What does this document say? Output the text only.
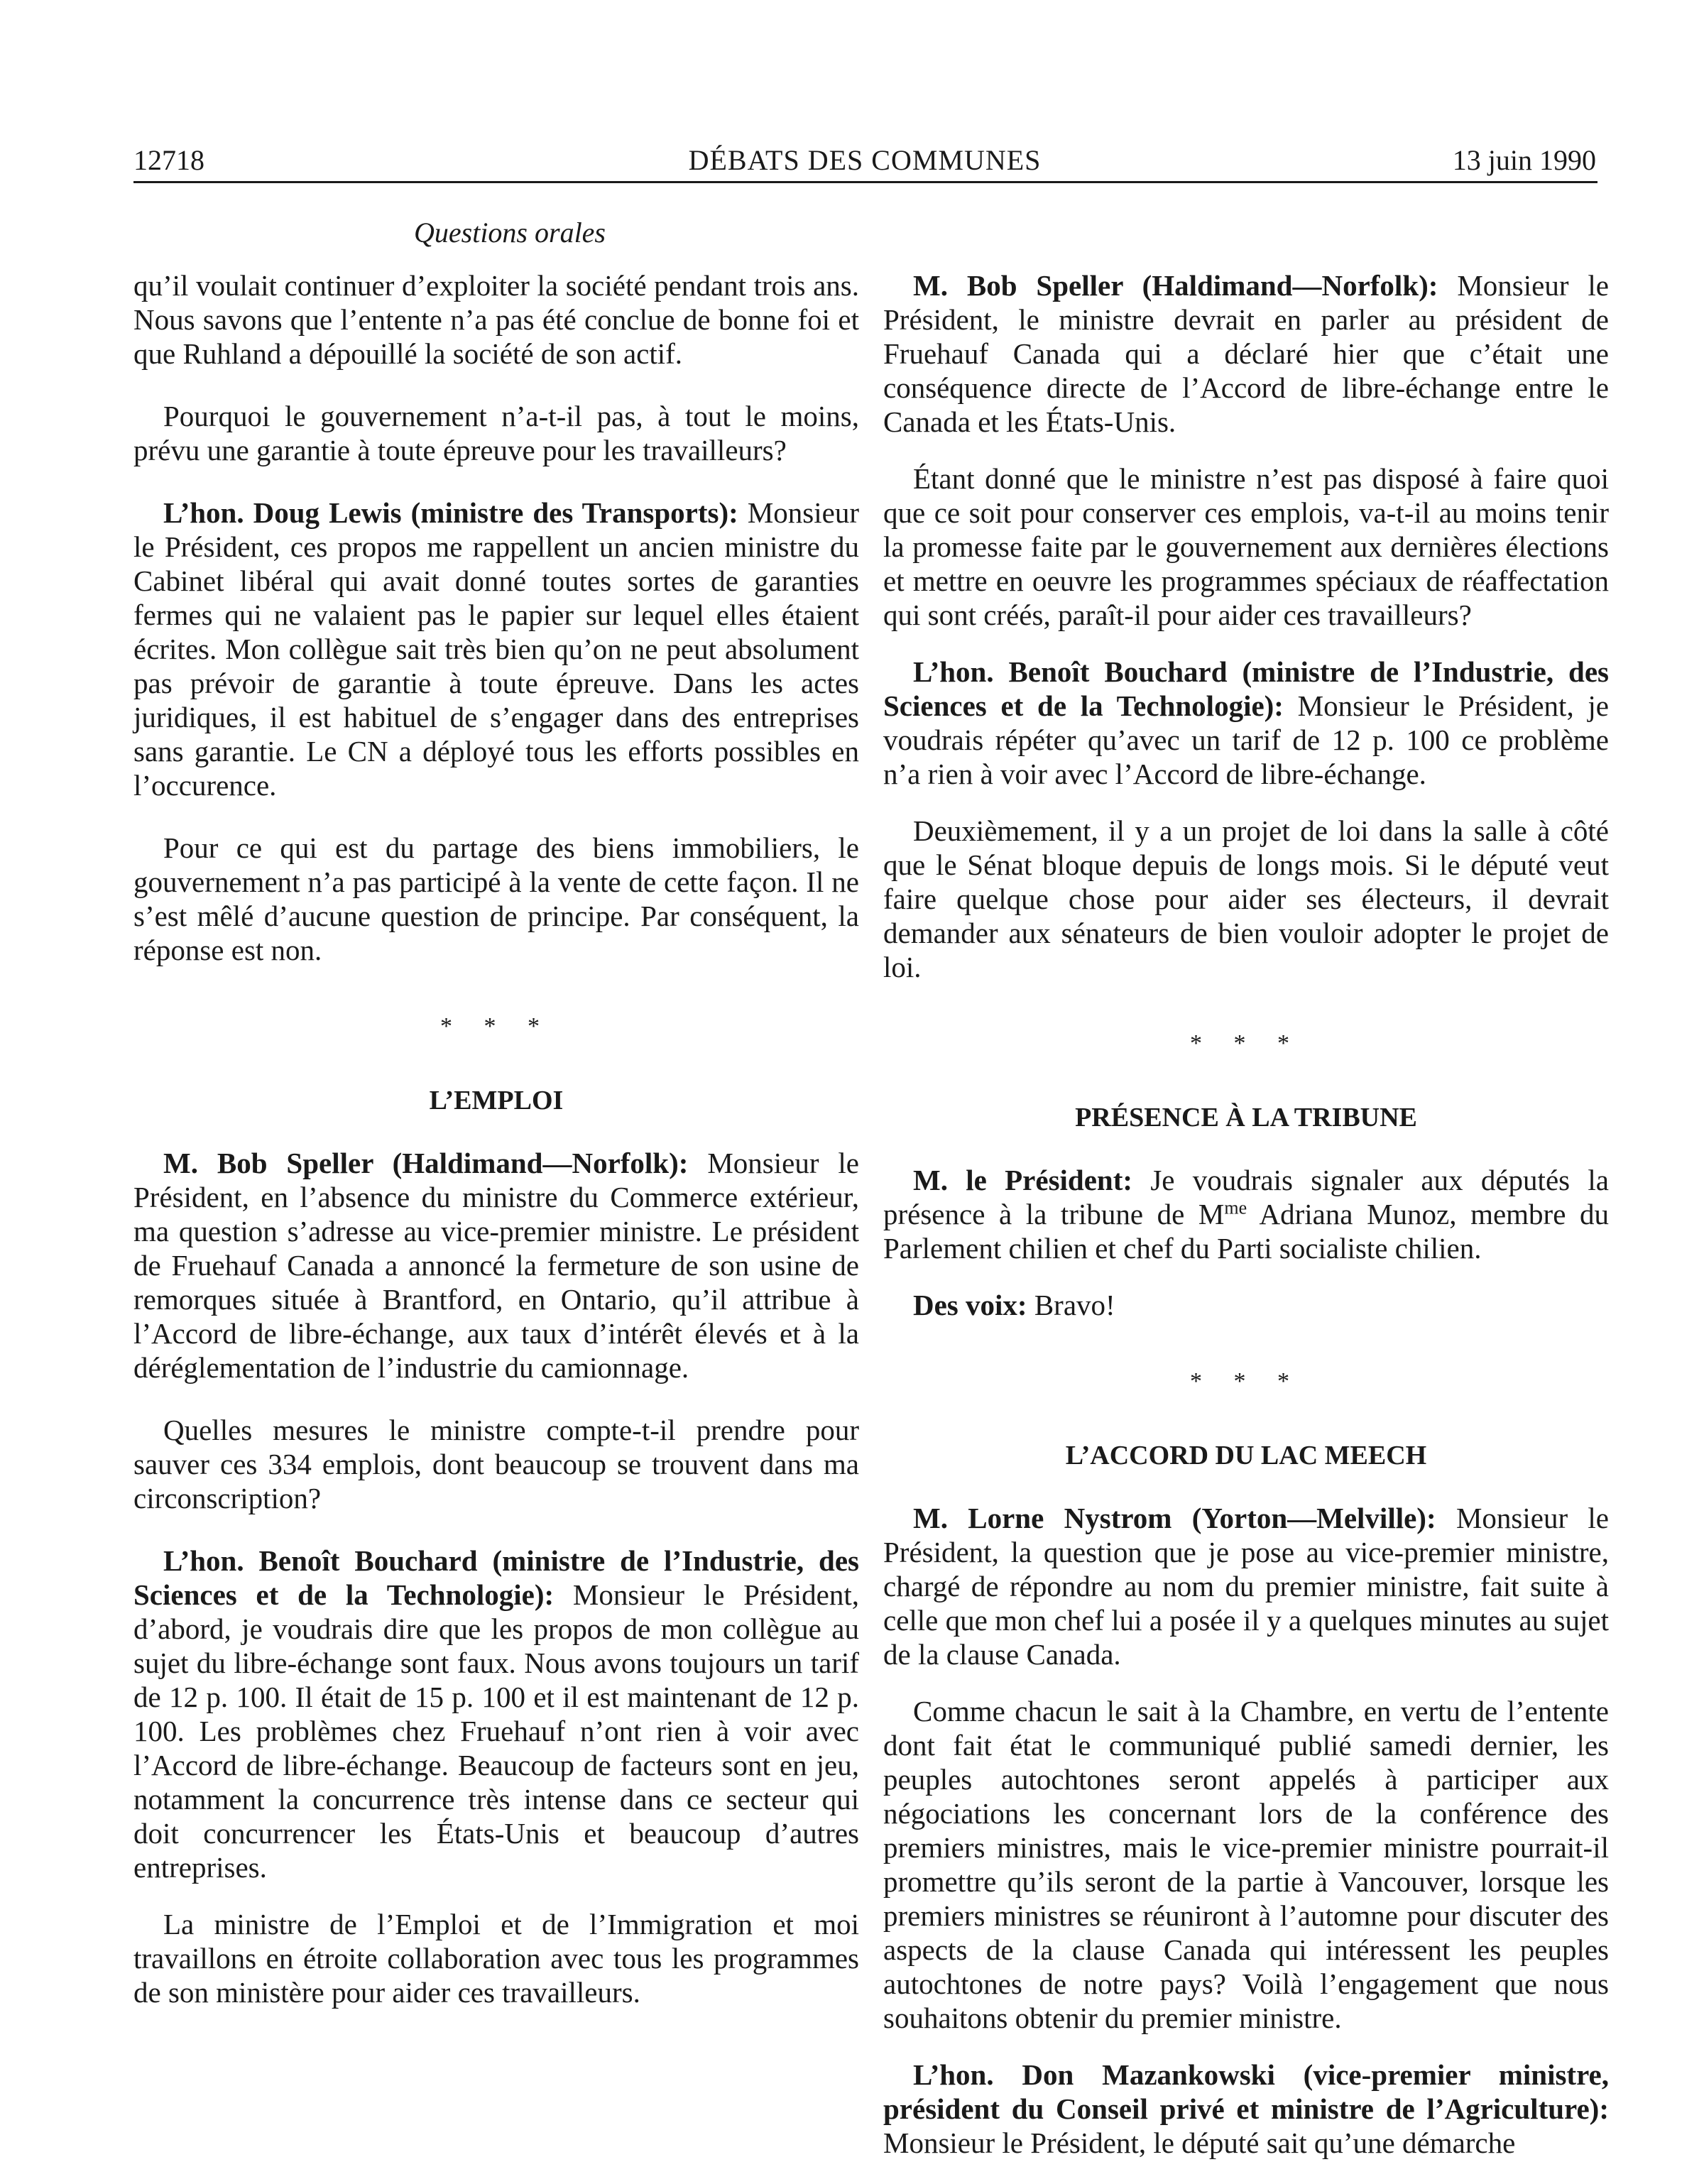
12718	DÉBATS DES COMMUNES	13 juin 1990
Questions orales

qu’il voulait continuer d’exploiter la société pendant trois ans. Nous savons que l’entente n’a pas été conclue de bonne foi et que Ruhland a dépouillé la société de son actif.

Pourquoi le gouvernement n’a-t-il pas, à tout le moins, prévu une garantie à toute épreuve pour les travailleurs?

L’hon. Doug Lewis (ministre des Transports): Monsieur le Président, ces propos me rappellent un ancien ministre du Cabinet libéral qui avait donné toutes sortes de garanties fermes qui ne valaient pas le papier sur lequel elles étaient écrites. Mon collègue sait très bien qu’on ne peut absolument pas prévoir de garantie à toute épreuve. Dans les actes juridiques, il est habituel de s’engager dans des entreprises sans garantie. Le CN a déployé tous les efforts possibles en l’occurence.

Pour ce qui est du partage des biens immobiliers, le gouvernement n’a pas participé à la vente de cette façon. Il ne s’est mêlé d’aucune question de principe. Par conséquent, la réponse est non.

* * *
L’EMPLOI

M. Bob Speller (Haldimand—Norfolk): Monsieur le Président, en l’absence du ministre du Commerce extérieur, ma question s’adresse au vice-premier ministre. Le président de Fruehauf Canada a annoncé la fermeture de son usine de remorques située à Brantford, en Ontario, qu’il attribue à l’Accord de libre-échange, aux taux d’intérêt élevés et à la déréglementation de l’industrie du camionnage.

Quelles mesures le ministre compte-t-il prendre pour sauver ces 334 emplois, dont beaucoup se trouvent dans ma circonscription?

L’hon. Benoît Bouchard (ministre de l’Industrie, des Sciences et de la Technologie): Monsieur le Président, d’abord, je voudrais dire que les propos de mon collègue au sujet du libre-échange sont faux. Nous avons toujours un tarif de 12 p. 100. Il était de 15 p. 100 et il est maintenant de 12 p. 100. Les problèmes chez Fruehauf n’ont rien à voir avec l’Accord de libre-échange. Beaucoup de facteurs sont en jeu, notamment la concurrence très intense dans ce secteur qui doit concurrencer les États-Unis et beaucoup d’autres entreprises.

La ministre de l’Emploi et de l’Immigration et moi travaillons en étroite collaboration avec tous les programmes de son ministère pour aider ces travailleurs.

M. Bob Speller (Haldimand—Norfolk): Monsieur le Président, le ministre devrait en parler au président de Fruehauf Canada qui a déclaré hier que c’était une conséquence directe de l’Accord de libre-échange entre le Canada et les États-Unis.

Étant donné que le ministre n’est pas disposé à faire quoi que ce soit pour conserver ces emplois, va-t-il au moins tenir la promesse faite par le gouvernement aux dernières élections et mettre en oeuvre les programmes spéciaux de réaffectation qui sont créés, paraît-il pour aider ces travailleurs?

L’hon. Benoît Bouchard (ministre de l’Industrie, des Sciences et de la Technologie): Monsieur le Président, je voudrais répéter qu’avec un tarif de 12 p. 100 ce problème n’a rien à voir avec l’Accord de libre-échange.

Deuxièmement, il y a un projet de loi dans la salle à côté que le Sénat bloque depuis de longs mois. Si le député veut faire quelque chose pour aider ses électeurs, il devrait demander aux sénateurs de bien vouloir adopter le projet de loi.

* * *
PRÉSENCE À LA TRIBUNE

M. le Président: Je voudrais signaler aux députés la présence à la tribune de $M^{me}$ Adriana Munoz, membre du Parlement chilien et chef du Parti socialiste chilien.

Des voix: Bravo!

* * *
L’ACCORD DU LAC MEECH

M. Lorne Nystrom (Yorton—Melville): Monsieur le Président, la question que je pose au vice-premier ministre, chargé de répondre au nom du premier ministre, fait suite à celle que mon chef lui a posée il y a quelques minutes au sujet de la clause Canada.

Comme chacun le sait à la Chambre, en vertu de l’entente dont fait état le communiqué publié samedi dernier, les peuples autochtones seront appelés à participer aux négociations les concernant lors de la conférence des premiers ministres, mais le vice-premier ministre pourrait-il promettre qu’ils seront de la partie à Vancouver, lorsque les premiers ministres se réuniront à l’automne pour discuter des aspects de la clause Canada qui intéressent les peuples autochtones de notre pays? Voilà l’engagement que nous souhaitons obtenir du premier ministre.

L’hon. Don Mazankowski (vice-premier ministre, président du Conseil privé et ministre de l’Agriculture): Monsieur le Président, le député sait qu’une démarche
